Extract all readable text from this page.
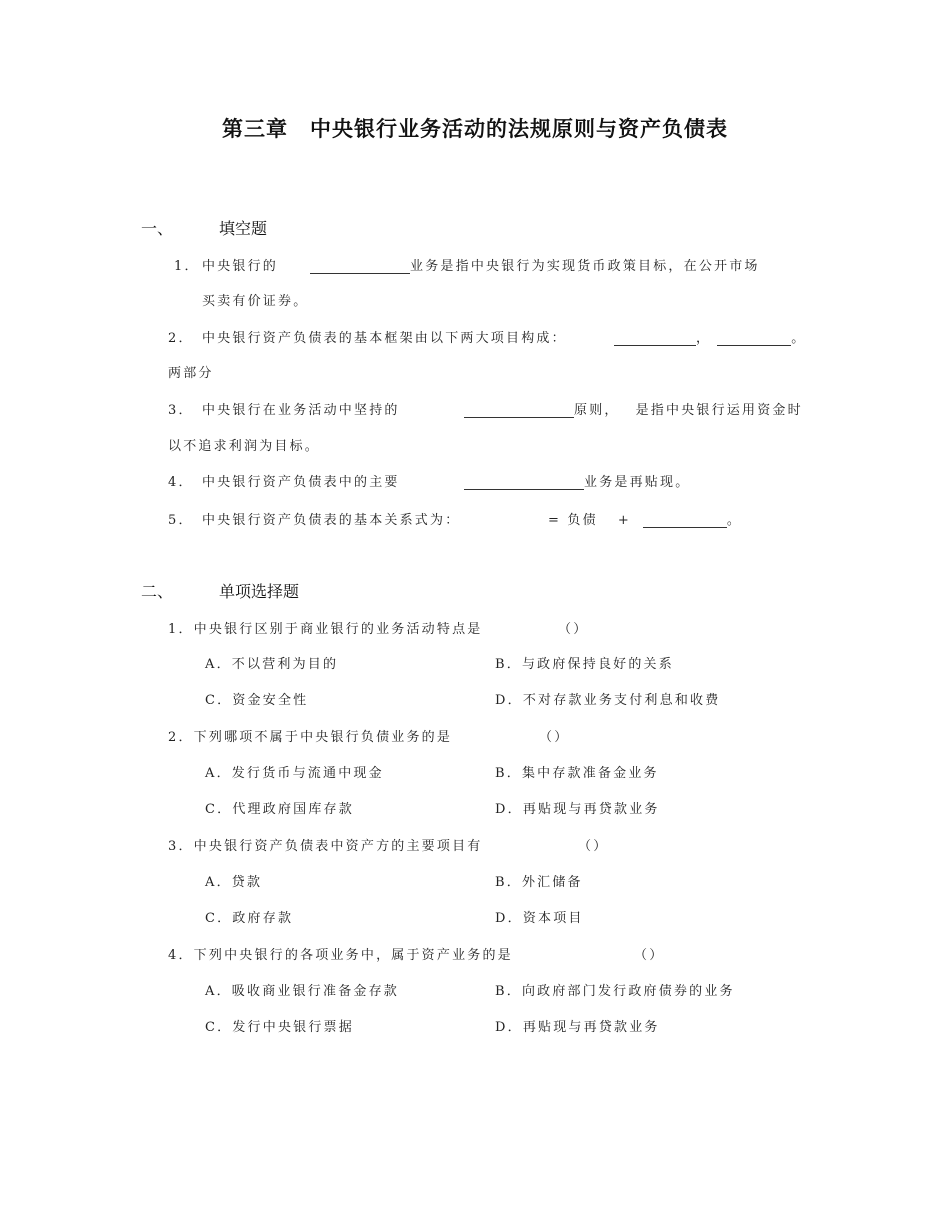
第三章　中央银行业务活动的法规原则与资产负债表
一、	填空题
1． 中央银行的	业务是指中央银行为实现货币政策目标，在公开市场
买卖有价证券。
2． 中央银行资产负债表的基本框架由以下两大项目构成：	，	。
两部分
3． 中央银行在业务活动中坚持的	原则， 是指中央银行运用资金时
以不追求利润为目标。
4． 中央银行资产负债表中的主要	业务是再贴现。
5． 中央银行资产负债表的基本关系式为：	= 负债 +	。
二、	单项选择题
1．中央银行区别于商业银行的业务活动特点是	（）
A．不以营利为目的	B．与政府保持良好的关系
C．资金安全性	D．不对存款业务支付利息和收费
2．下列哪项不属于中央银行负债业务的是	（）
A．发行货币与流通中现金	B．集中存款准备金业务
C．代理政府国库存款	D．再贴现与再贷款业务
3．中央银行资产负债表中资产方的主要项目有	（）
A．贷款	B．外汇储备
C．政府存款	D．资本项目
4．下列中央银行的各项业务中，属于资产业务的是	（）
A．吸收商业银行准备金存款	B．向政府部门发行政府债券的业务
C．发行中央银行票据	D．再贴现与再贷款业务
